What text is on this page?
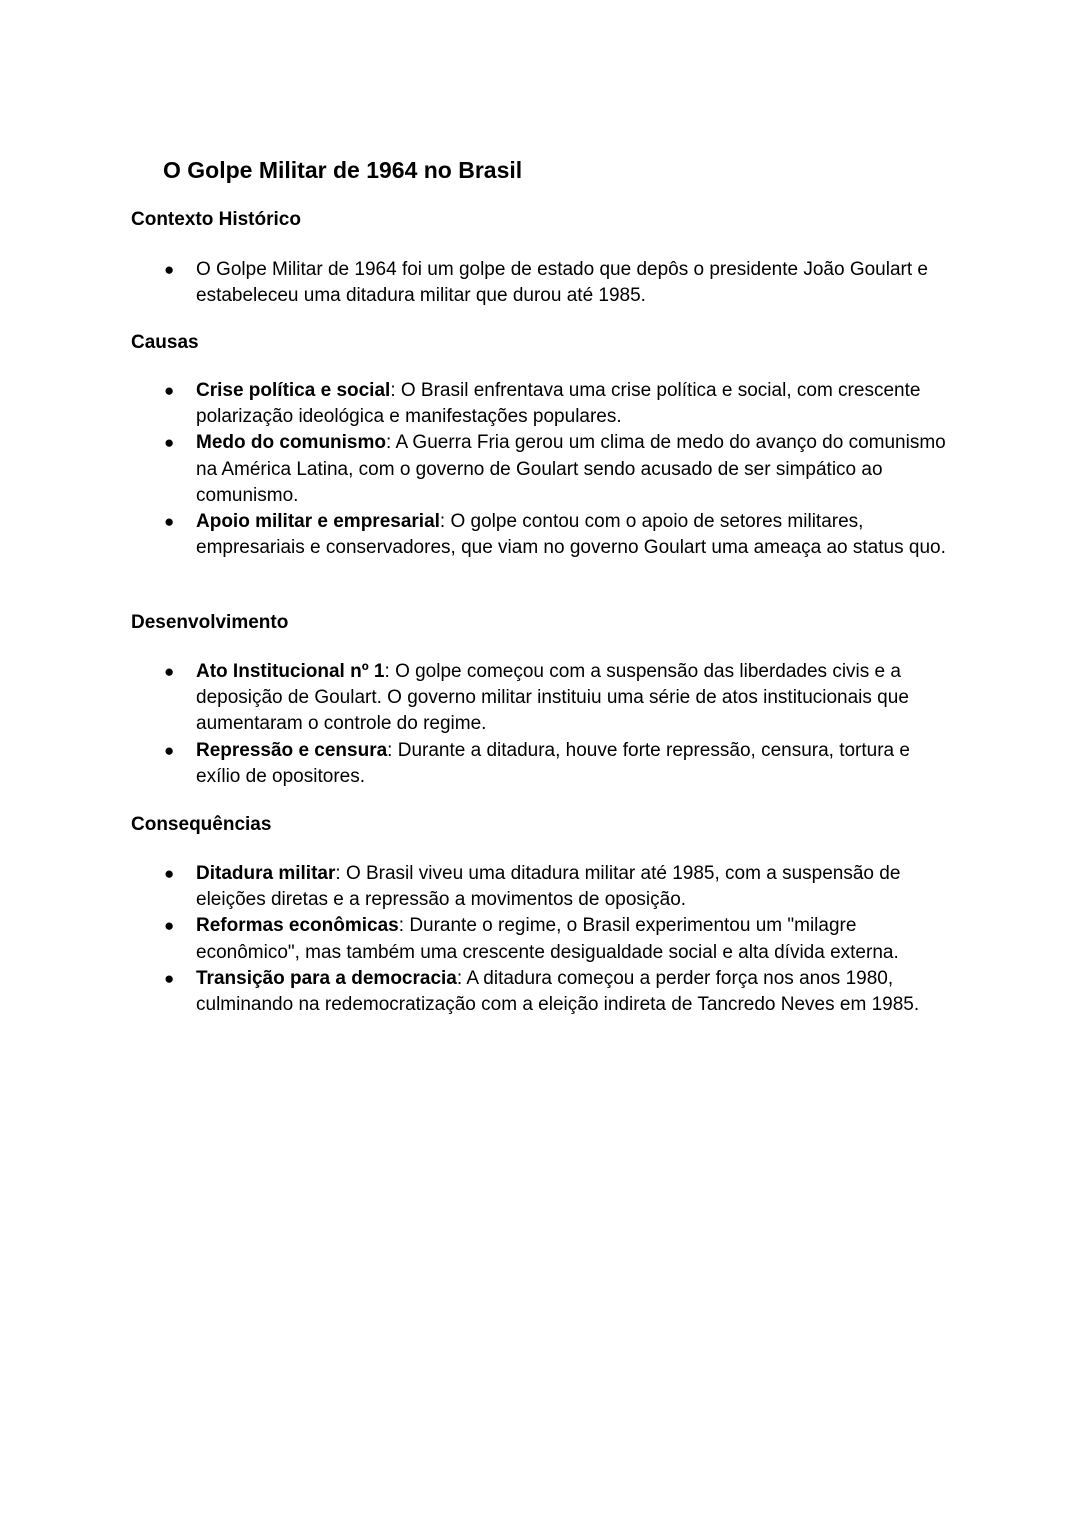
O Golpe Militar de 1964 no Brasil
Contexto Histórico
● O Golpe Militar de 1964 foi um golpe de estado que depôs o presidente João Goulart e estabeleceu uma ditadura militar que durou até 1985.
Causas
● Crise política e social: O Brasil enfrentava uma crise política e social, com crescente polarização ideológica e manifestações populares.
● Medo do comunismo: A Guerra Fria gerou um clima de medo do avanço do comunismo na América Latina, com o governo de Goulart sendo acusado de ser simpático ao comunismo.
● Apoio militar e empresarial: O golpe contou com o apoio de setores militares, empresariais e conservadores, que viam no governo Goulart uma ameaça ao status quo.
Desenvolvimento
● Ato Institucional nº 1: O golpe começou com a suspensão das liberdades civis e a deposição de Goulart. O governo militar instituiu uma série de atos institucionais que aumentaram o controle do regime.
● Repressão e censura: Durante a ditadura, houve forte repressão, censura, tortura e exílio de opositores.
Consequências
● Ditadura militar: O Brasil viveu uma ditadura militar até 1985, com a suspensão de eleições diretas e a repressão a movimentos de oposição.
● Reformas econômicas: Durante o regime, o Brasil experimentou um "milagre econômico", mas também uma crescente desigualdade social e alta dívida externa.
● Transição para a democracia: A ditadura começou a perder força nos anos 1980, culminando na redemocratização com a eleição indireta de Tancredo Neves em 1985.
